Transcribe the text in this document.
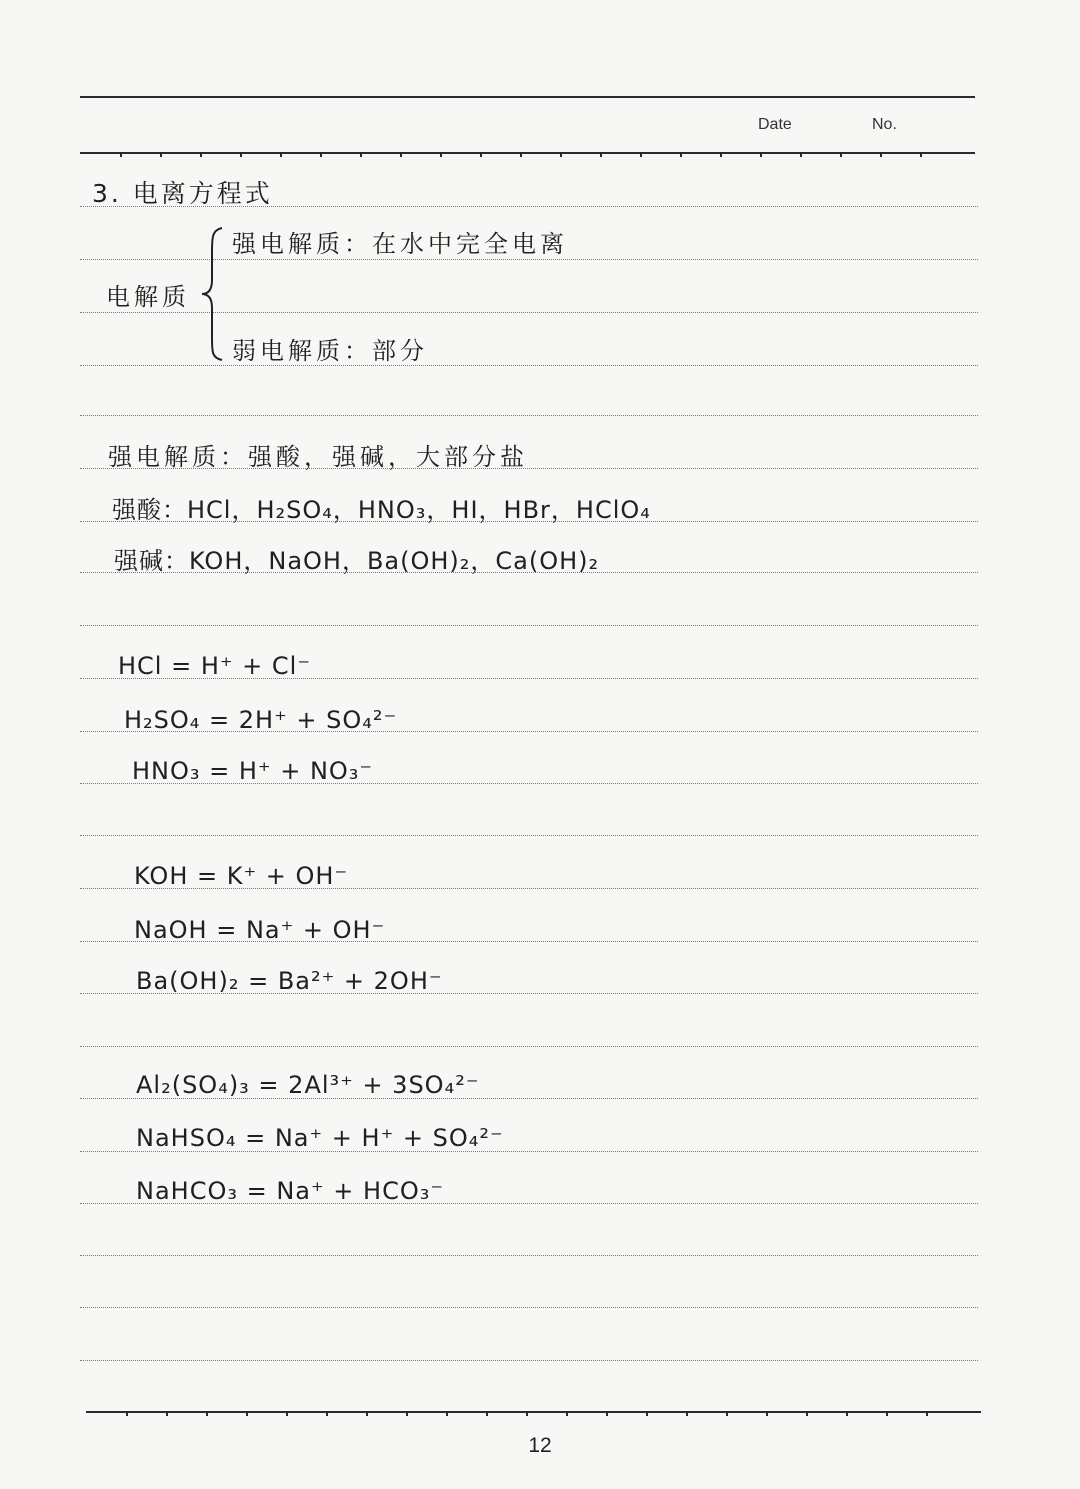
Date	No.
3. 电离方程式
电解质
强电解质：在水中完全电离
弱电解质：部分
强电解质：强酸，强碱，大部分盐
强酸：HCl，H₂SO₄，HNO₃，HI，HBr，HClO₄
强碱：KOH，NaOH，Ba(OH)₂，Ca(OH)₂
HCl = H⁺ + Cl⁻
H₂SO₄ = 2H⁺ + SO₄²⁻
HNO₃ = H⁺ + NO₃⁻
KOH = K⁺ + OH⁻
NaOH = Na⁺ + OH⁻
Ba(OH)₂ = Ba²⁺ + 2OH⁻
Al₂(SO₄)₃ = 2Al³⁺ + 3SO₄²⁻
NaHSO₄ = Na⁺ + H⁺ + SO₄²⁻
NaHCO₃ = Na⁺ + HCO₃⁻
12
